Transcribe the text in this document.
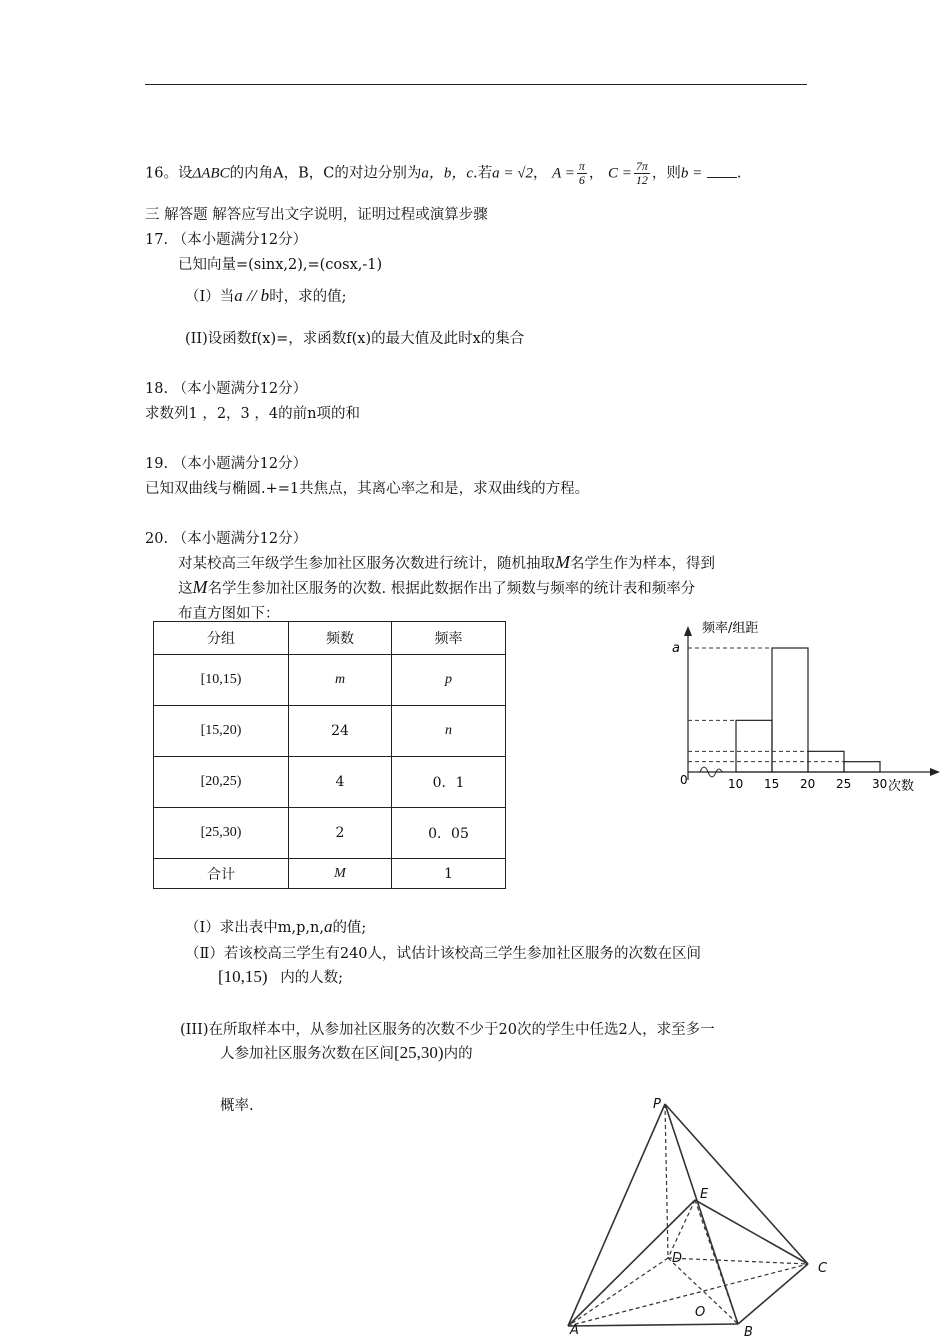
16。设ΔABC的内角A，B，C的对边分别为a，b，c.若a = √2， $A = \frac{\pi}{6}$ ， $C = \frac{7\pi}{12}$ ，则b = .
三 解答题 解答应写出文字说明，证明过程或演算步骤
17. （本小题满分12分）
已知向量=(sinx,2),=(cosx,-1)
（Ⅰ）当a // b时，求的值;
(II)设函数f(x)=，求函数f(x)的最大值及此时x的集合
18. （本小题满分12分）
求数列1 ，2，3 ，4的前n项的和
19. （本小题满分12分）
已知双曲线与椭圆.+=1共焦点，其离心率之和是，求双曲线的方程。
20. （本小题满分12分）
对某校高三年级学生参加社区服务次数进行统计，随机抽取M名学生作为样本，得到
这M名学生参加社区服务的次数. 根据此数据作出了频数与频率的统计表和频率分
布直方图如下：
分组	频数	频率
[10,15)	m	p
[15,20)	24	n
[20,25)	4	0．1
[25,30)	2	0．05
合计	M	1
频率/组距
a
0	10 15 20 25 30 次数
（Ⅰ）求出表中m,p,n,a的值;
（Ⅱ）若该校高三学生有240人，试估计该校高三学生参加社区服务的次数在区间
[10,15) 内的人数;
(III)在所取样本中，从参加社区服务的次数不少于20次的学生中任选2人，求至多一
人参加社区服务次数在区间[25,30)内的
概率.	P
E
D
C
O
A	B
